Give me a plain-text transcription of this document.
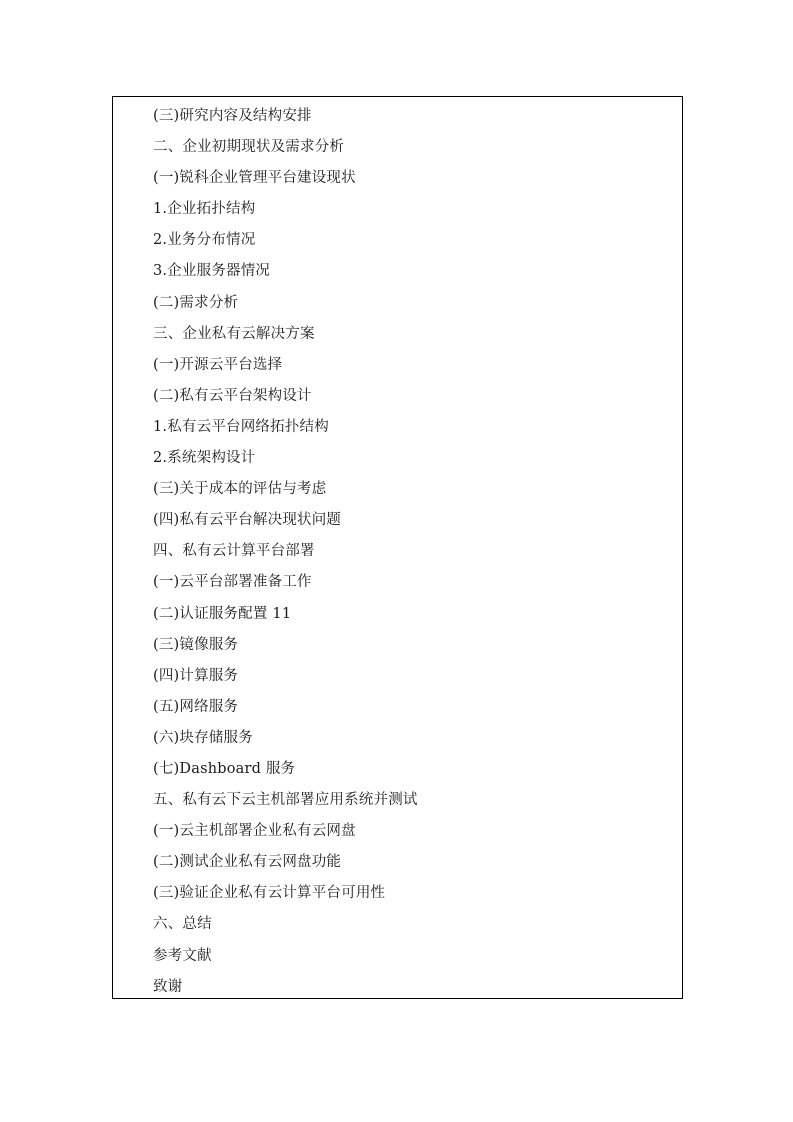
(三)研究内容及结构安排
二、企业初期现状及需求分析
(一)锐科企业管理平台建设现状
1.企业拓扑结构
2.业务分布情况
3.企业服务器情况
(二)需求分析
三、企业私有云解决方案
(一)开源云平台选择
(二)私有云平台架构设计
1.私有云平台网络拓扑结构
2.系统架构设计
(三)关于成本的评估与考虑
(四)私有云平台解决现状问题
四、私有云计算平台部署
(一)云平台部署准备工作
(二)认证服务配置 11
(三)镜像服务
(四)计算服务
(五)网络服务
(六)块存储服务
(七)Dashboard 服务
五、私有云下云主机部署应用系统并测试
(一)云主机部署企业私有云网盘
(二)测试企业私有云网盘功能
(三)验证企业私有云计算平台可用性
六、总结
参考文献
致谢
